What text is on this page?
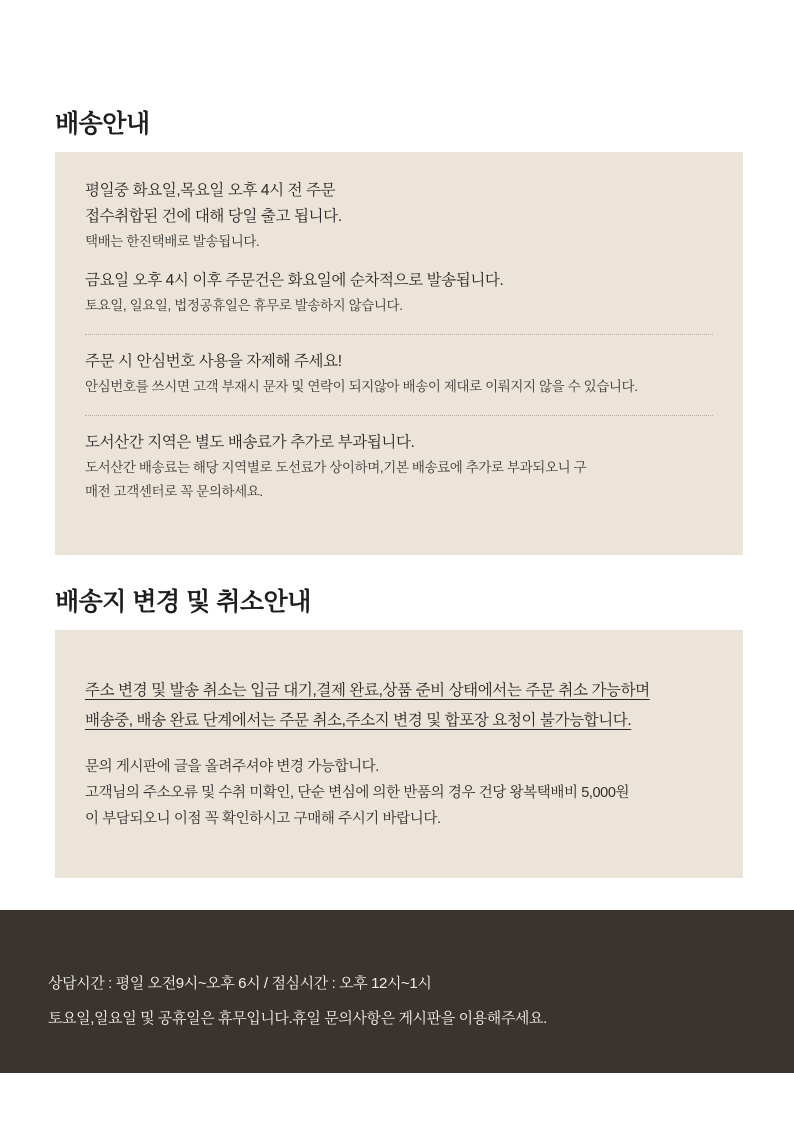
배송안내
평일중 화요일,목요일 오후 4시 전 주문
접수취합된 건에 대해 당일 출고 됩니다.
택배는 한진택배로 발송됩니다.
금요일 오후 4시 이후 주문건은 화요일에 순차적으로 발송됩니다.
토요일, 일요일, 법정공휴일은 휴무로 발송하지 않습니다.
주문 시 안심번호 사용을 자제해 주세요!
안심번호를 쓰시면 고객 부재시 문자 및 연락이 되지않아 배송이 제대로 이뤄지지 않을 수 있습니다.
도서산간 지역은 별도 배송료가 추가로 부과됩니다.
도서산간 배송료는 해당 지역별로 도선료가 상이하며,기본 배송료에 추가로 부과되오니 구
매전 고객센터로 꼭 문의하세요.
배송지 변경 및 취소안내
주소 변경 및 발송 취소는 입금 대기,결제 완료,상품 준비 상태에서는 주문 취소 가능하며
배송중, 배송 완료 단계에서는 주문 취소,주소지 변경 및 합포장 요청이 불가능합니다.
문의 게시판에 글을 올려주셔야 변경 가능합니다.
고객님의 주소오류 및 수취 미확인, 단순 변심에 의한 반품의 경우 건당 왕복택배비 5,000원
이 부담되오니 이점 꼭 확인하시고 구매해 주시기 바랍니다.
상담시간 : 평일 오전9시~오후 6시 / 점심시간 : 오후 12시~1시
토요일,일요일 및 공휴일은 휴무입니다.휴일 문의사항은 게시판을 이용해주세요.
